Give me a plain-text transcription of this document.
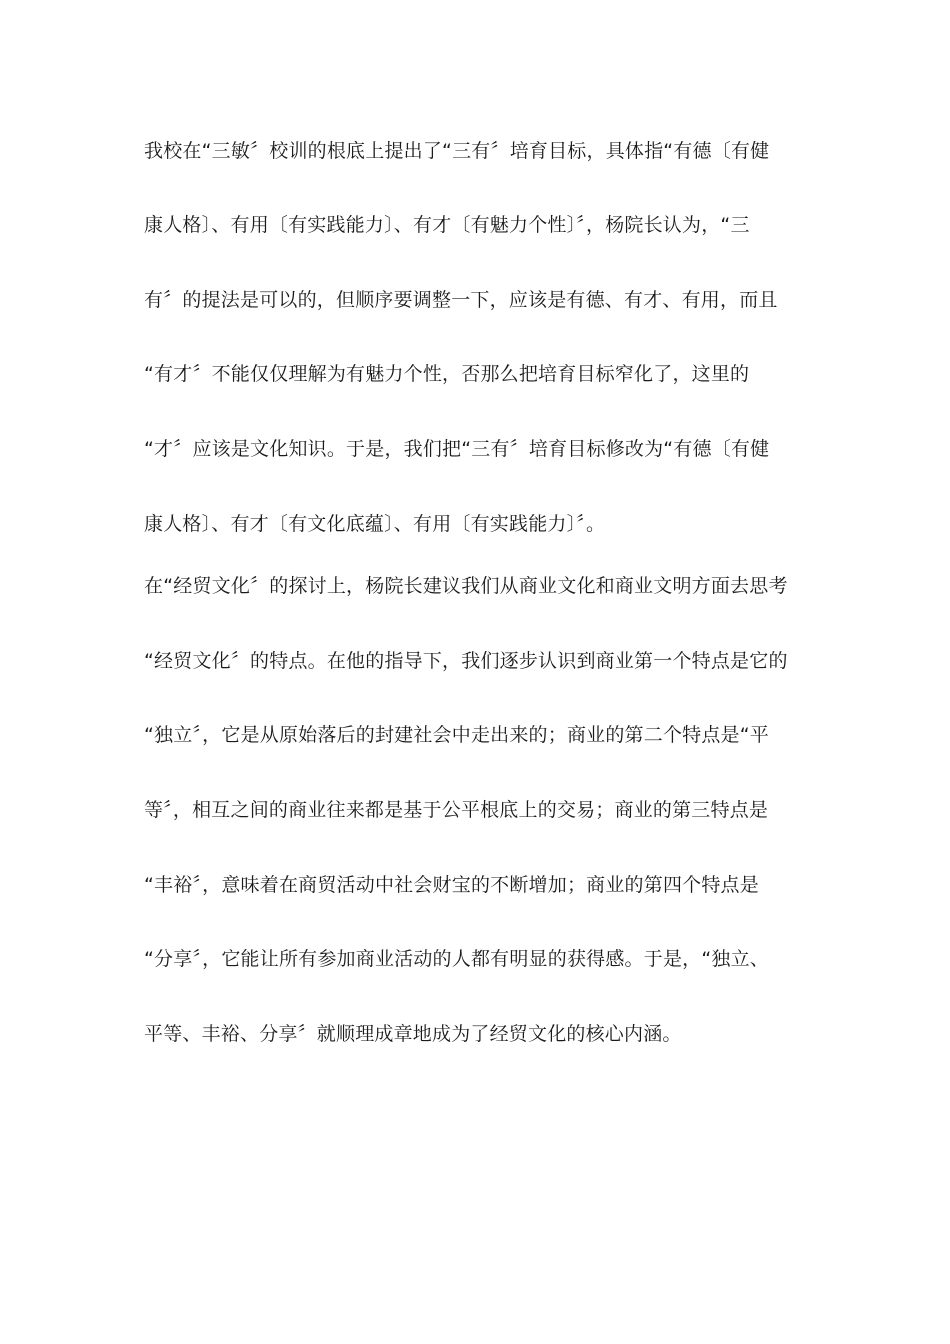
我校在“三敏〞校训的根底上提出了“三有〞培育目标，具体指“有德〔有健
康人格〕、有用〔有实践能力〕、有才〔有魅力个性〕〞，杨院长认为，“三
有〞的提法是可以的，但顺序要调整一下，应该是有德、有才、有用，而且
“有才〞不能仅仅理解为有魅力个性，否那么把培育目标窄化了，这里的
“才〞应该是文化知识。于是，我们把“三有〞培育目标修改为“有德〔有健
康人格〕、有才〔有文化底蕴〕、有用〔有实践能力〕〞。
在“经贸文化〞的探讨上，杨院长建议我们从商业文化和商业文明方面去思考
“经贸文化〞的特点。在他的指导下，我们逐步认识到商业第一个特点是它的
“独立〞，它是从原始落后的封建社会中走出来的；商业的第二个特点是“平
等〞，相互之间的商业往来都是基于公平根底上的交易；商业的第三特点是
“丰裕〞，意味着在商贸活动中社会财宝的不断增加；商业的第四个特点是
“分享〞，它能让所有参加商业活动的人都有明显的获得感。于是，“独立、
平等、丰裕、分享〞就顺理成章地成为了经贸文化的核心内涵。
